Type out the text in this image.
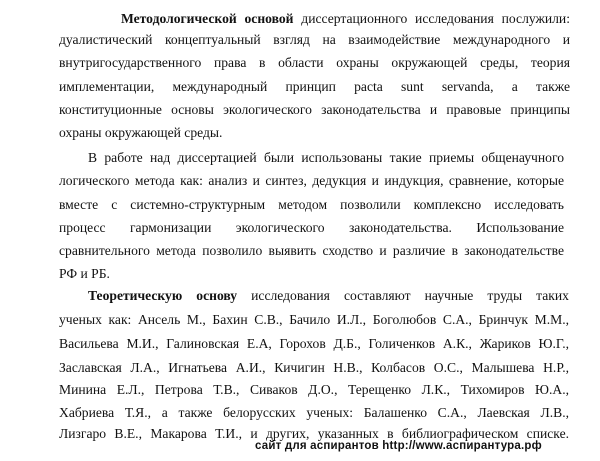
Методологической основой диссертационного исследования послужили:
дуалистический концептуальный взгляд на взаимодействие международного и
внутригосударственного права в области охраны окружающей среды, теория
имплементации, международный принцип pacta sunt servanda, а также
конституционные основы экологического законодательства и правовые принципы
охраны окружающей среды.
В работе над диссертацией были использованы такие приемы общенаучного
логического метода как: анализ и синтез, дедукция и индукция, сравнение, которые
вместе с системно-структурным методом позволили комплексно исследовать
процесс гармонизации экологического законодательства. Использование
сравнительного метода позволило выявить сходство и различие в законодательстве
РФ и РБ.
Теоретическую основу исследования составляют научные труды таких
ученых как: Ансель М., Бахин С.В., Бачило И.Л., Боголюбов С.А., Бринчук М.М.,
Васильева М.И., Галиновская Е.А, Горохов Д.Б., Голиченков А.К., Жариков Ю.Г.,
Заславская Л.А., Игнатьева А.И., Кичигин Н.В., Колбасов О.С., Малышева Н.Р.,
Минина Е.Л., Петрова Т.В., Сиваков Д.О., Терещенко Л.К., Тихомиров Ю.А.,
Хабриева Т.Я., а также белорусских ученых: Балашенко С.А., Лаевская Л.В.,
Лизгаро В.Е., Макарова Т.И., и других, указанных в библиографическом списке.
сайт для аспирантов http://www.аспирантура.рф
